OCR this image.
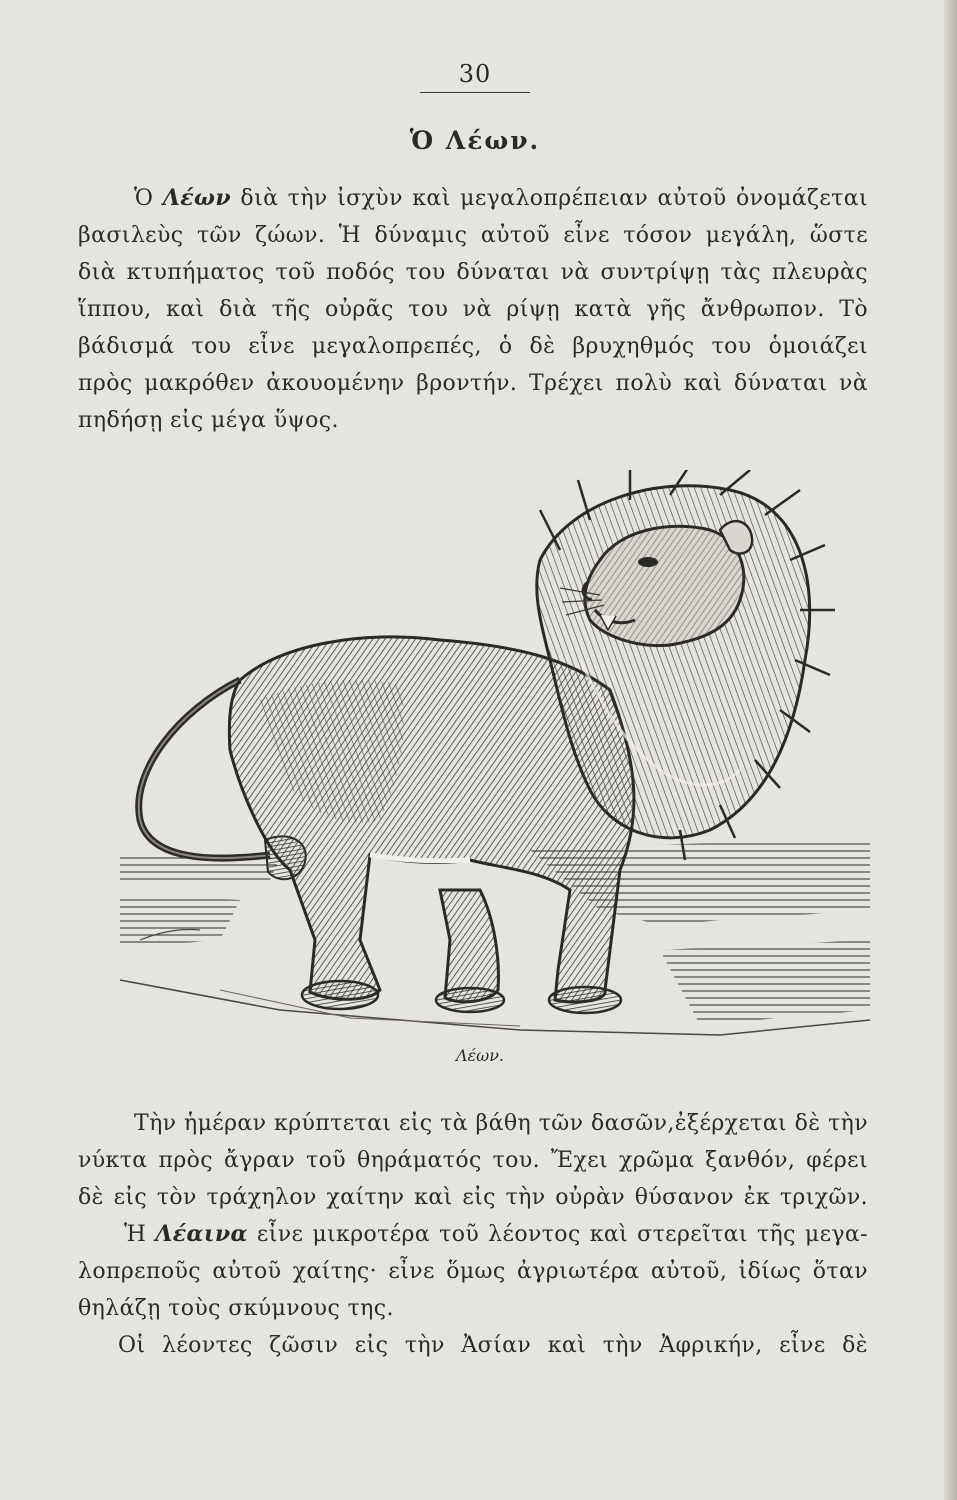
30
Ὁ Λέων.
Ὁ Λέων διὰ τὴν ἰσχὺν καὶ μεγαλοπρέπειαν αὐτοῦ ὀνομάζεται
βασιλεὺς τῶν ζώων. Ἡ δύναμις αὐτοῦ εἶνε τόσον μεγάλη, ὥστε
διὰ κτυπήματος τοῦ ποδός του δύναται νὰ συντρίψῃ τὰς πλευρὰς
ἵππου, καὶ διὰ τῆς οὐρᾶς του νὰ ρίψῃ κατὰ γῆς ἄνθρωπον. Τὸ
βάδισμά του εἶνε μεγαλοπρεπές, ὁ δὲ βρυχηθμός του ὁμοιάζει
πρὸς μακρόθεν ἀκουομένην βροντήν. Τρέχει πολὺ καὶ δύναται νὰ
πηδήσῃ εἰς μέγα ὕψος.
Λέων.
Τὴν ἡμέραν κρύπτεται εἰς τὰ βάθη τῶν δασῶν,ἐξέρχεται δὲ τὴν
νύκτα πρὸς ἄγραν τοῦ θηράματός του. Ἔχει χρῶμα ξανθόν, φέρει
δὲ εἰς τὸν τράχηλον χαίτην καὶ εἰς τὴν οὐρὰν θύσανον ἐκ τριχῶν.
Ἡ Λέαινα εἶνε μικροτέρα τοῦ λέοντος καὶ στερεῖται τῆς μεγα-
λοπρεποῦς αὐτοῦ χαίτης· εἶνε ὅμως ἀγριωτέρα αὐτοῦ, ἰδίως ὅταν
θηλάζῃ τοὺς σκύμνους της.
Οἱ λέοντες ζῶσιν εἰς τὴν Ἀσίαν καὶ τὴν Ἀφρικήν, εἶνε δὲ
